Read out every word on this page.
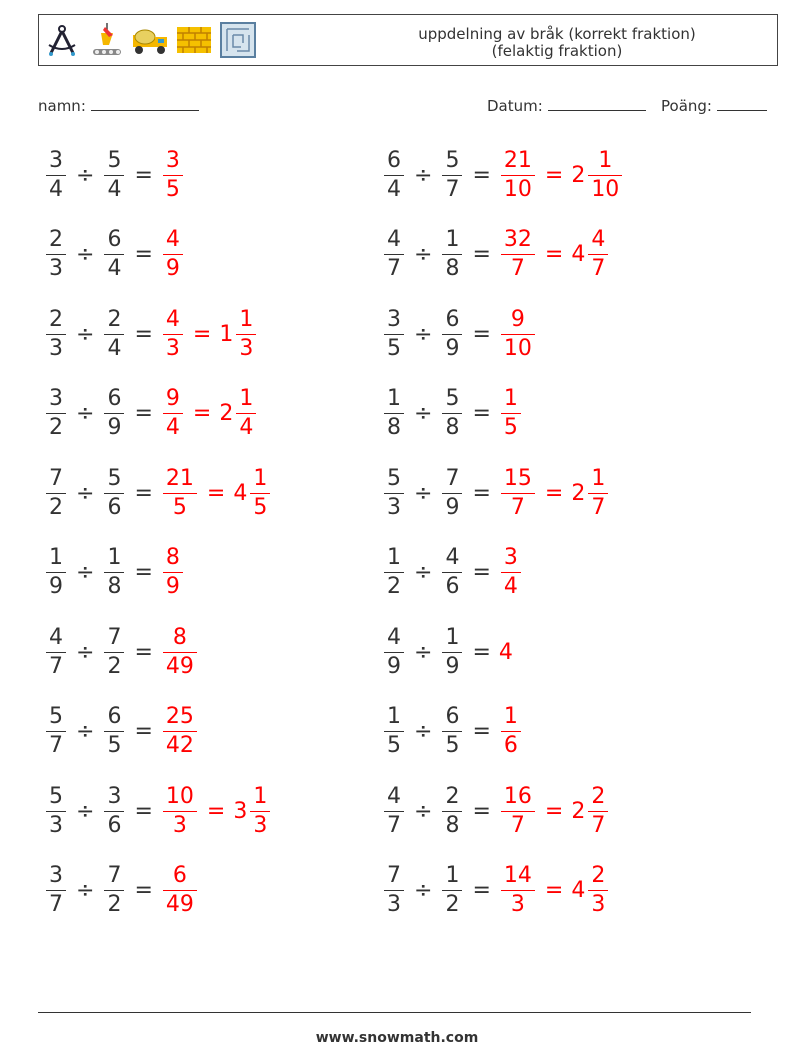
uppdelning av bråk (korrekt fraktion)
(felaktig fraktion)
namn:	Datum:	Poäng:
$\frac{3}{4} \div \frac{5}{4} = \frac{3}{5}$	$\frac{6}{4} \div \frac{5}{7} = \frac{21}{10} = 2 \frac{1}{10}$
$\frac{2}{3} \div \frac{6}{4} = \frac{4}{9}$	$\frac{4}{7} \div \frac{1}{8} = \frac{32}{7} = 4 \frac{4}{7}$
$\frac{2}{3} \div \frac{2}{4} = \frac{4}{3} = 1 \frac{1}{3}$	$\frac{3}{5} \div \frac{6}{9} = \frac{9}{10}$
$\frac{3}{2} \div \frac{6}{9} = \frac{9}{4} = 2 \frac{1}{4}$	$\frac{1}{8} \div \frac{5}{8} = \frac{1}{5}$
$\frac{7}{2} \div \frac{5}{6} = \frac{21}{5} = 4 \frac{1}{5}$	$\frac{5}{3} \div \frac{7}{9} = \frac{15}{7} = 2 \frac{1}{7}$
$\frac{1}{9} \div \frac{1}{8} = \frac{8}{9}$	$\frac{1}{2} \div \frac{4}{6} = \frac{3}{4}$
$\frac{4}{7} \div \frac{7}{2} = \frac{8}{49}$	$\frac{4}{9} \div \frac{1}{9} = 4$
$\frac{5}{7} \div \frac{6}{5} = \frac{25}{42}$	$\frac{1}{5} \div \frac{6}{5} = \frac{1}{6}$
$\frac{5}{3} \div \frac{3}{6} = \frac{10}{3} = 3 \frac{1}{3}$	$\frac{4}{7} \div \frac{2}{8} = \frac{16}{7} = 2 \frac{2}{7}$
$\frac{3}{7} \div \frac{7}{2} = \frac{6}{49}$	$\frac{7}{3} \div \frac{1}{2} = \frac{14}{3} = 4 \frac{2}{3}$
www.snowmath.com
